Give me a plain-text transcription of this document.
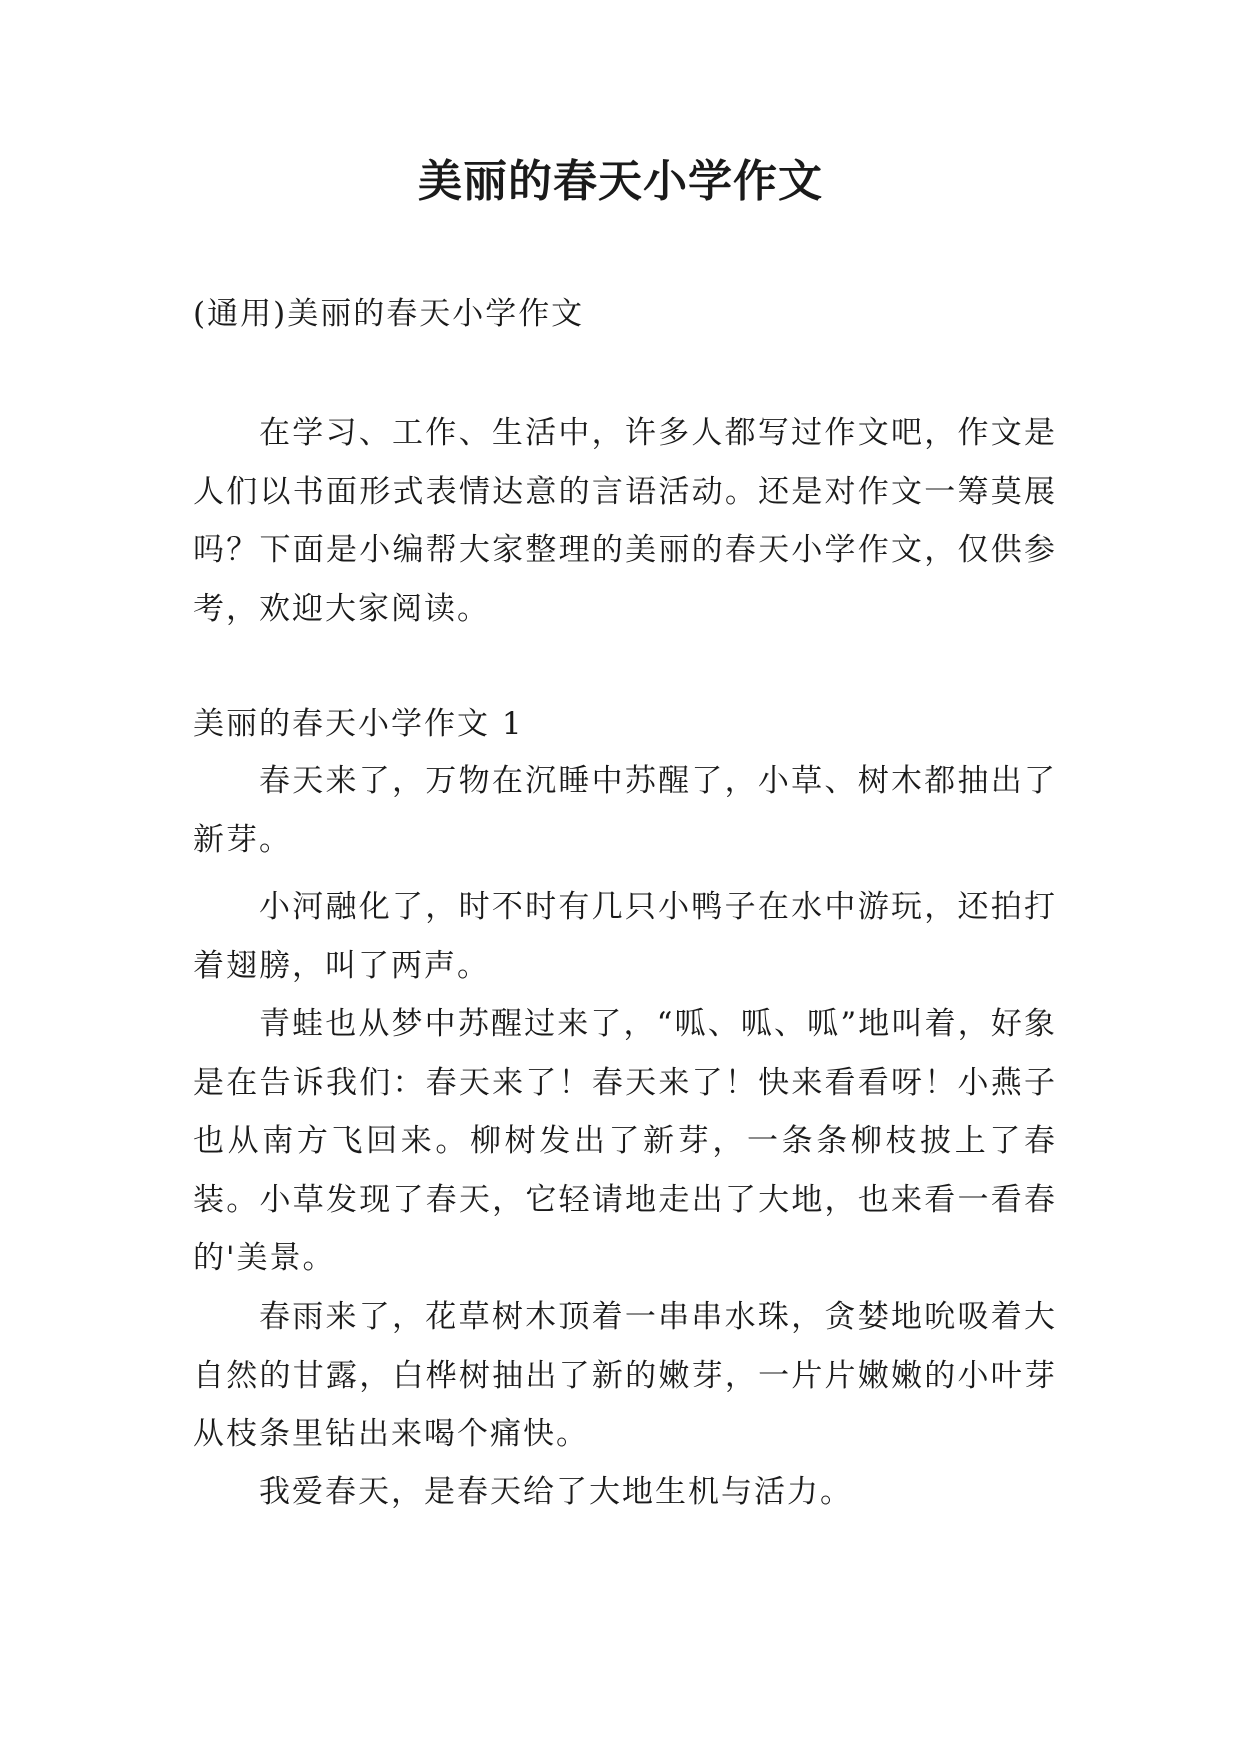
美丽的春天小学作文

(通用)美丽的春天小学作文

在学习、工作、生活中，许多人都写过作文吧，作文是人们以书面形式表情达意的言语活动。还是对作文一筹莫展吗？下面是小编帮大家整理的美丽的春天小学作文，仅供参考，欢迎大家阅读。

美丽的春天小学作文 1

春天来了，万物在沉睡中苏醒了，小草、树木都抽出了新芽。

小河融化了，时不时有几只小鸭子在水中游玩，还拍打着翅膀，叫了两声。

青蛙也从梦中苏醒过来了，“呱、呱、呱”地叫着，好象是在告诉我们：春天来了！春天来了！快来看看呀！小燕子也从南方飞回来。柳树发出了新芽，一条条柳枝披上了春装。小草发现了春天，它轻请地走出了大地，也来看一看春的'美景。

春雨来了，花草树木顶着一串串水珠，贪婪地吮吸着大自然的甘露，白桦树抽出了新的嫩芽，一片片嫩嫩的小叶芽从枝条里钻出来喝个痛快。

我爱春天，是春天给了大地生机与活力。
